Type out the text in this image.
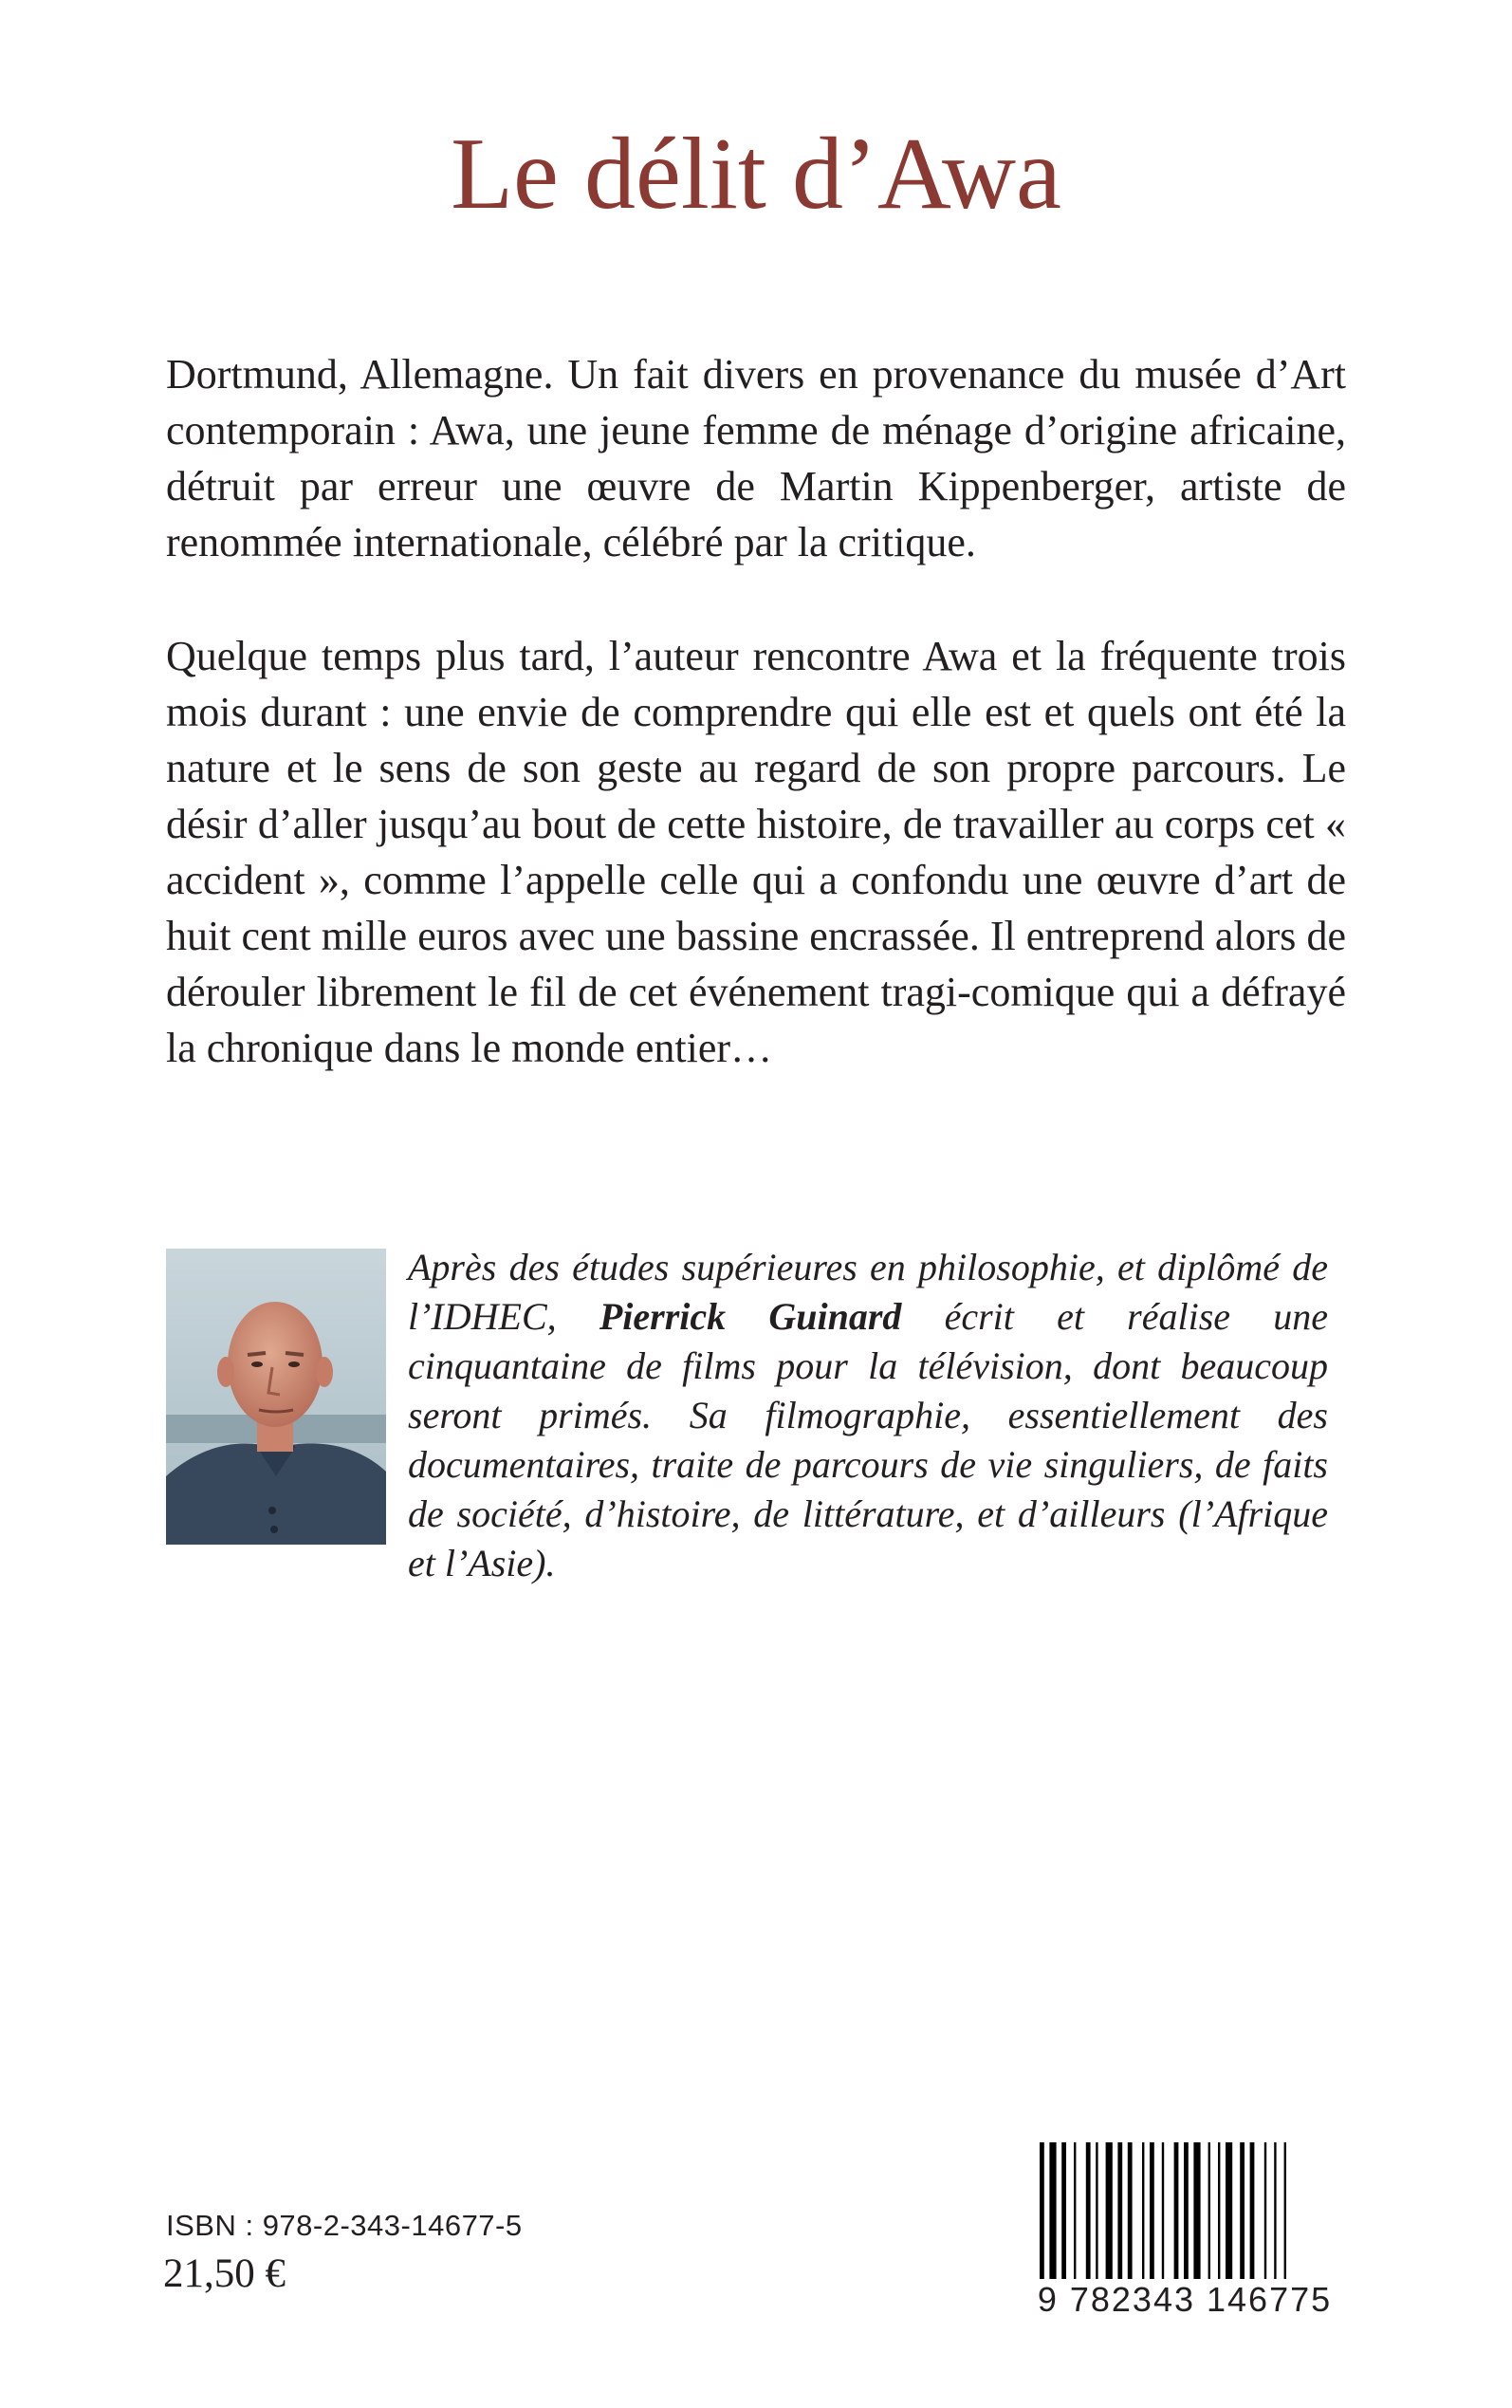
Le délit d’Awa

Dortmund, Allemagne. Un fait divers en provenance du musée d’Art contemporain : Awa, une jeune femme de ménage d’origine africaine, détruit par erreur une œuvre de Martin Kippenberger, artiste de renommée internationale, célébré par la critique.

Quelque temps plus tard, l’auteur rencontre Awa et la fréquente trois mois durant : une envie de comprendre qui elle est et quels ont été la nature et le sens de son geste au regard de son propre parcours. Le désir d’aller jusqu’au bout de cette histoire, de travailler au corps cet « accident », comme l’appelle celle qui a confondu une œuvre d’art de huit cent mille euros avec une bassine encrassée. Il entreprend alors de dérouler librement le fil de cet événement tragi-comique qui a défrayé la chronique dans le monde entier…

Après des études supérieures en philosophie, et diplômé de l’IDHEC, Pierrick Guinard écrit et réalise une cinquantaine de films pour la télévision, dont beaucoup seront primés. Sa filmographie, essentiellement des documentaires, traite de parcours de vie singuliers, de faits de société, d’histoire, de littérature, et d’ailleurs (l’Afrique et l’Asie).

ISBN : 978-2-343-14677-5
21,50 €
9 782343 146775
